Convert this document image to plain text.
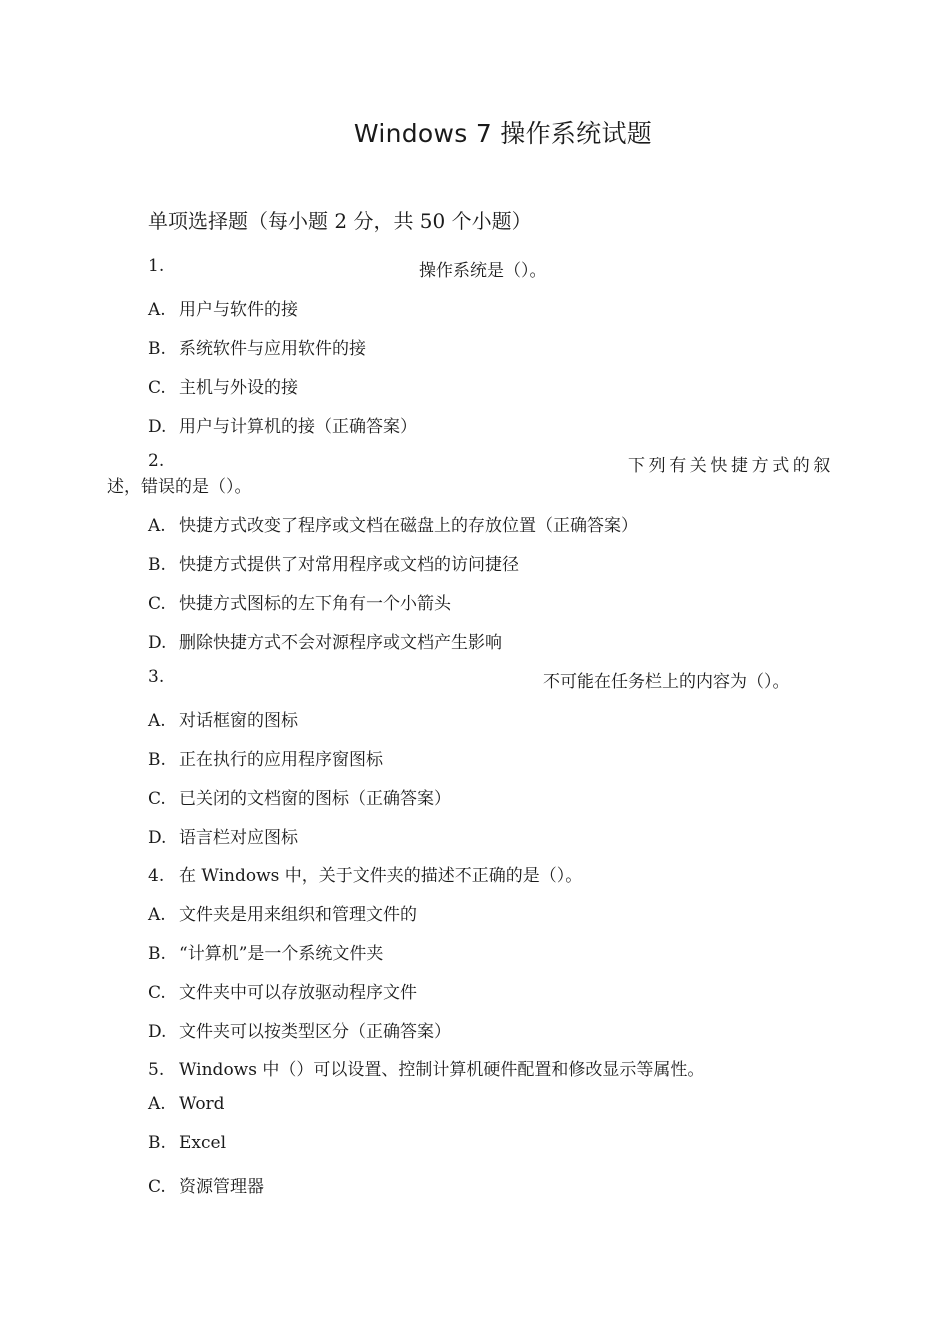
Windows 7 操作系统试题
单项选择题（每小题 2 分，共 50 个小题）
1.	操作系统是（）。
A. 用户与软件的接
B. 系统软件与应用软件的接
C. 主机与外设的接
D. 用户与计算机的接（正确答案）
2.	下列有关快捷方式的叙
述，错误的是（）。
A. 快捷方式改变了程序或文档在磁盘上的存放位置（正确答案）
B. 快捷方式提供了对常用程序或文档的访问捷径
C. 快捷方式图标的左下角有一个小箭头
D. 删除快捷方式不会对源程序或文档产生影响
3.	不可能在任务栏上的内容为（）。
A. 对话框窗的图标
B. 正在执行的应用程序窗图标
C. 已关闭的文档窗的图标（正确答案）
D. 语言栏对应图标
4. 在 Windows 中，关于文件夹的描述不正确的是（）。
A. 文件夹是用来组织和管理文件的
B. “计算机”是一个系统文件夹
C. 文件夹中可以存放驱动程序文件
D. 文件夹可以按类型区分（正确答案）
5. Windows 中（）可以设置、控制计算机硬件配置和修改显示等属性。
A. Word
B. Excel
C. 资源管理器
